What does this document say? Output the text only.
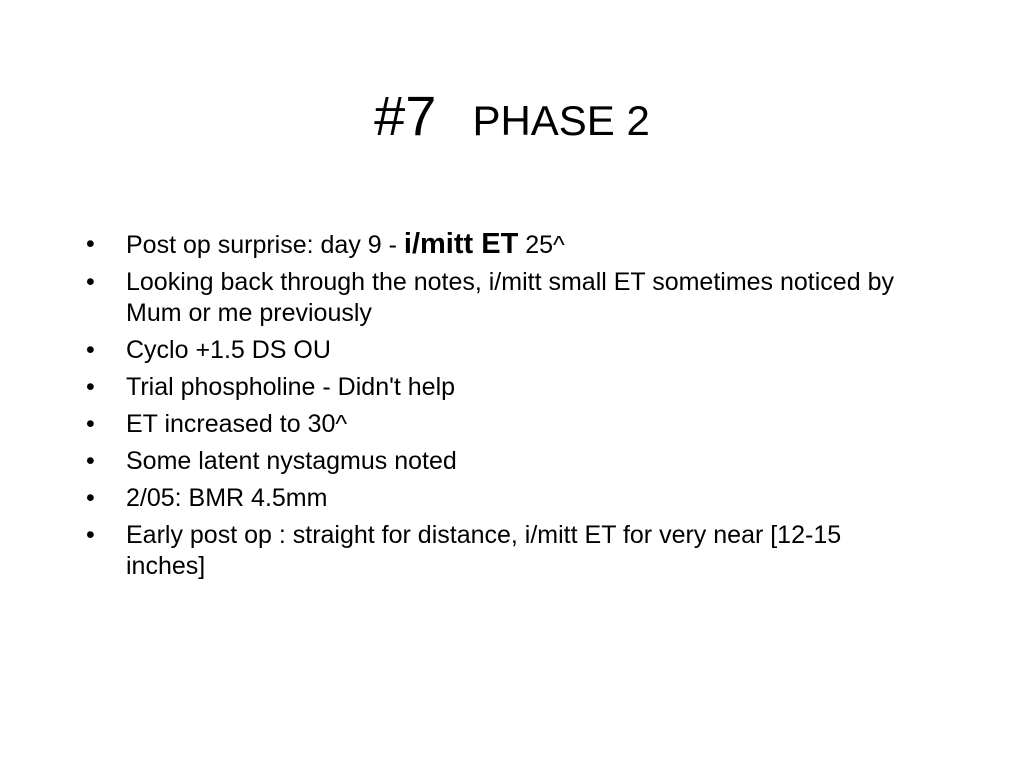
#7 PHASE 2
•	Post op surprise: day 9 - i/mitt ET 25^
•	Looking back through the notes, i/mitt small ET sometimes noticed by Mum or me previously
•	Cyclo +1.5 DS OU
•	Trial phospholine - Didn't help
•	ET increased to 30^
•	Some latent nystagmus noted
•	2/05: BMR 4.5mm
•	Early post op : straight for distance, i/mitt ET for very near [12-15 inches]
